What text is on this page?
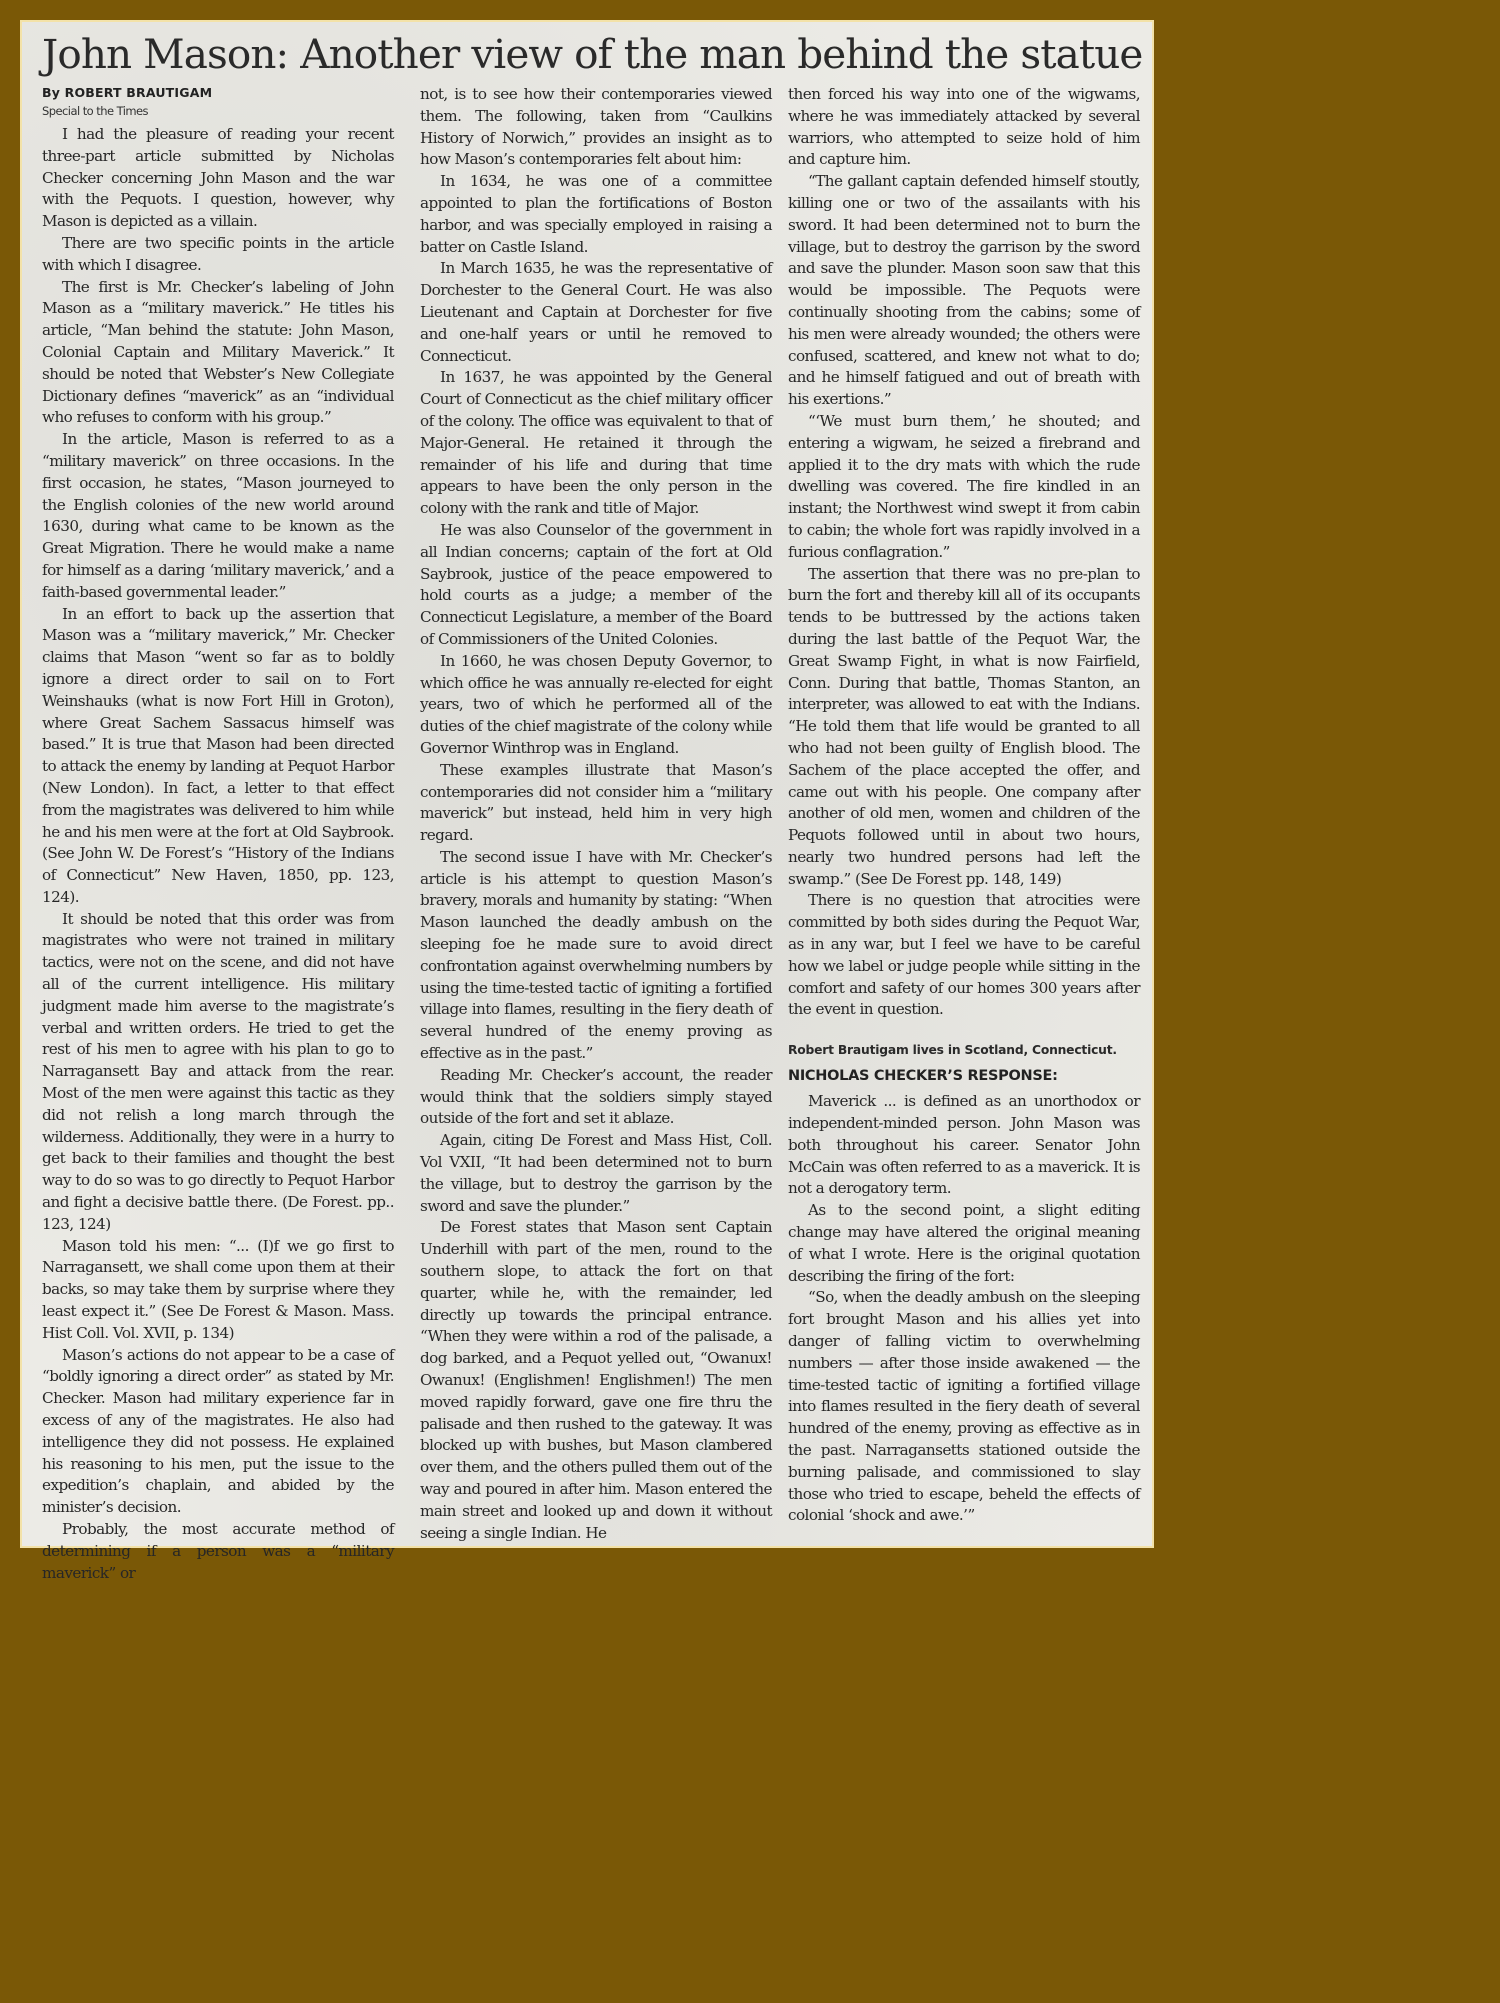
John Mason: Another view of the man behind the statue
By ROBERT BRAUTIGAM
Special to the Times

I had the pleasure of reading your recent three-part article submitted by Nicholas Checker concerning John Mason and the war with the Pequots. I question, however, why Mason is depicted as a villain.

There are two specific points in the article with which I disagree.

The first is Mr. Checker’s labeling of John Mason as a “military maverick.” He titles his article, “Man behind the statute: John Mason, Colonial Captain and Military Maverick.” It should be noted that Webster’s New Collegiate Dictionary defines “maverick” as an “individual who refuses to conform with his group.”

In the article, Mason is referred to as a “military maverick” on three occasions. In the first occasion, he states, “Mason journeyed to the English colonies of the new world around 1630, during what came to be known as the Great Migration. There he would make a name for himself as a daring ‘military maverick,’ and a faith-based governmental leader.”

In an effort to back up the assertion that Mason was a “military maverick,” Mr. Checker claims that Mason “went so far as to boldly ignore a direct order to sail on to Fort Weinshauks (what is now Fort Hill in Groton), where Great Sachem Sassacus himself was based.” It is true that Mason had been directed to attack the enemy by landing at Pequot Harbor (New London). In fact, a letter to that effect from the magistrates was delivered to him while he and his men were at the fort at Old Saybrook. (See John W. De Forest’s “History of the Indians of Connecticut” New Haven, 1850, pp. 123, 124).

It should be noted that this order was from magistrates who were not trained in military tactics, were not on the scene, and did not have all of the current intelligence. His military judgment made him averse to the magistrate’s verbal and written orders. He tried to get the rest of his men to agree with his plan to go to Narragansett Bay and attack from the rear. Most of the men were against this tactic as they did not relish a long march through the wilderness. Additionally, they were in a hurry to get back to their families and thought the best way to do so was to go directly to Pequot Harbor and fight a decisive battle there. (De Forest. pp.. 123, 124)

Mason told his men: “... (I)f we go first to Narragansett, we shall come upon them at their backs, so may take them by surprise where they least expect it.” (See De Forest & Mason. Mass. Hist Coll. Vol. XVII, p. 134)

Mason’s actions do not appear to be a case of “boldly ignoring a direct order” as stated by Mr. Checker. Mason had military experience far in excess of any of the magistrates. He also had intelligence they did not possess. He explained his reasoning to his men, put the issue to the expedition’s chaplain, and abided by the minister’s decision.

Probably, the most accurate method of determining if a person was a “military maverick” or

not, is to see how their contemporaries viewed them. The following, taken from “Caulkins History of Norwich,” provides an insight as to how Mason’s contemporaries felt about him:

In 1634, he was one of a committee appointed to plan the fortifications of Boston harbor, and was specially employed in raising a batter on Castle Island.

In March 1635, he was the representative of Dorchester to the General Court. He was also Lieutenant and Captain at Dorchester for five and one-half years or until he removed to Connecticut.

In 1637, he was appointed by the General Court of Connecticut as the chief military officer of the colony. The office was equivalent to that of Major-General. He retained it through the remainder of his life and during that time appears to have been the only person in the colony with the rank and title of Major.

He was also Counselor of the government in all Indian concerns; captain of the fort at Old Saybrook, justice of the peace empowered to hold courts as a judge; a member of the Connecticut Legislature, a member of the Board of Commissioners of the United Colonies.

In 1660, he was chosen Deputy Governor, to which office he was annually re-elected for eight years, two of which he performed all of the duties of the chief magistrate of the colony while Governor Winthrop was in England.

These examples illustrate that Mason’s contemporaries did not consider him a “military maverick” but instead, held him in very high regard.

The second issue I have with Mr. Checker’s article is his attempt to question Mason’s bravery, morals and humanity by stating: “When Mason launched the deadly ambush on the sleeping foe he made sure to avoid direct confrontation against overwhelming numbers by using the time-tested tactic of igniting a fortified village into flames, resulting in the fiery death of several hundred of the enemy proving as effective as in the past.”

Reading Mr. Checker’s account, the reader would think that the soldiers simply stayed outside of the fort and set it ablaze.

Again, citing De Forest and Mass Hist, Coll. Vol VXII, “It had been determined not to burn the village, but to destroy the garrison by the sword and save the plunder.”

De Forest states that Mason sent Captain Underhill with part of the men, round to the southern slope, to attack the fort on that quarter, while he, with the remainder, led directly up towards the principal entrance. “When they were within a rod of the palisade, a dog barked, and a Pequot yelled out, “Owanux! Owanux! (Englishmen! Englishmen!) The men moved rapidly forward, gave one fire thru the palisade and then rushed to the gateway. It was blocked up with bushes, but Mason clambered over them, and the others pulled them out of the way and poured in after him. Mason entered the main street and looked up and down it without seeing a single Indian. He

then forced his way into one of the wigwams, where he was immediately attacked by several warriors, who attempted to seize hold of him and capture him.

“The gallant captain defended himself stoutly, killing one or two of the assailants with his sword. It had been determined not to burn the village, but to destroy the garrison by the sword and save the plunder. Mason soon saw that this would be impossible. The Pequots were continually shooting from the cabins; some of his men were already wounded; the others were confused, scattered, and knew not what to do; and he himself fatigued and out of breath with his exertions.”

“‘We must burn them,’ he shouted; and entering a wigwam, he seized a firebrand and applied it to the dry mats with which the rude dwelling was covered. The fire kindled in an instant; the Northwest wind swept it from cabin to cabin; the whole fort was rapidly involved in a furious conflagration.”

The assertion that there was no pre-plan to burn the fort and thereby kill all of its occupants tends to be buttressed by the actions taken during the last battle of the Pequot War, the Great Swamp Fight, in what is now Fairfield, Conn. During that battle, Thomas Stanton, an interpreter, was allowed to eat with the Indians. “He told them that life would be granted to all who had not been guilty of English blood. The Sachem of the place accepted the offer, and came out with his people. One company after another of old men, women and children of the Pequots followed until in about two hours, nearly two hundred persons had left the swamp.” (See De Forest pp. 148, 149)

There is no question that atrocities were committed by both sides during the Pequot War, as in any war, but I feel we have to be careful how we label or judge people while sitting in the comfort and safety of our homes 300 years after the event in question.

Robert Brautigam lives in Scotland, Connecticut.
NICHOLAS CHECKER’S RESPONSE:

Maverick ... is defined as an unorthodox or independent-minded person. John Mason was both throughout his career. Senator John McCain was often referred to as a maverick. It is not a derogatory term.

As to the second point, a slight editing change may have altered the original meaning of what I wrote. Here is the original quotation describing the firing of the fort:

“So, when the deadly ambush on the sleeping fort brought Mason and his allies yet into danger of falling victim to overwhelming numbers — after those inside awakened — the time-tested tactic of igniting a fortified village into flames resulted in the fiery death of several hundred of the enemy, proving as effective as in the past. Narragansetts stationed outside the burning palisade, and commissioned to slay those who tried to escape, beheld the effects of colonial ‘shock and awe.’”
